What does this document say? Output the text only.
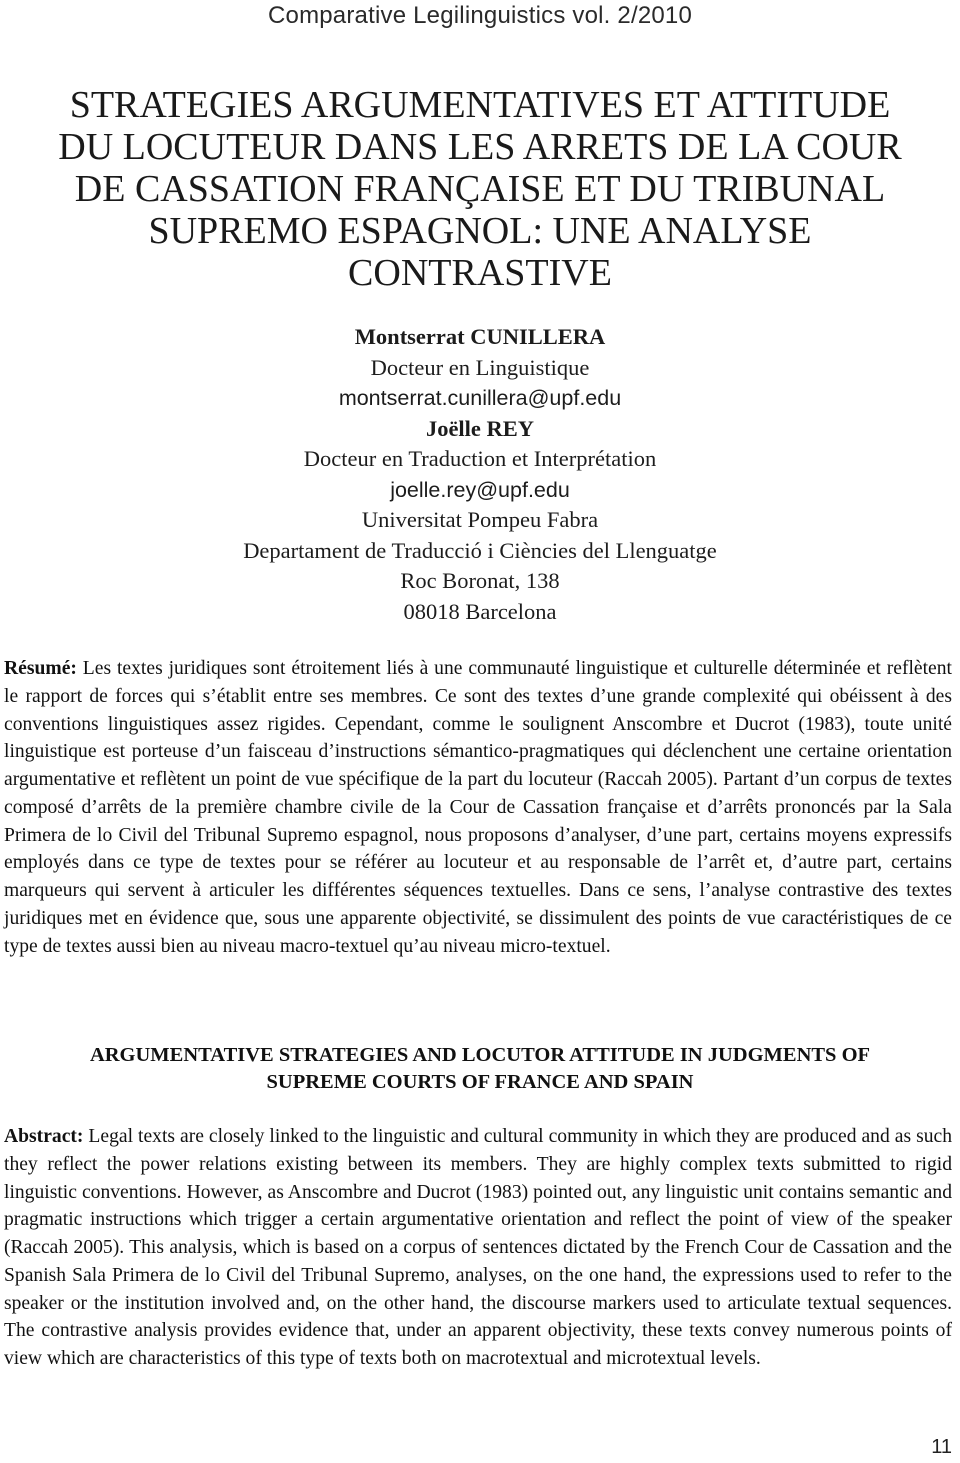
Comparative Legilinguistics vol. 2/2010
STRATEGIES ARGUMENTATIVES ET ATTITUDE
DU LOCUTEUR DANS LES ARRETS DE LA COUR
DE CASSATION FRANÇAISE ET DU TRIBUNAL
SUPREMO ESPAGNOL: UNE ANALYSE
CONTRASTIVE
Montserrat CUNILLERA
Docteur en Linguistique
montserrat.cunillera@upf.edu
Joëlle REY
Docteur en Traduction et Interprétation
joelle.rey@upf.edu
Universitat Pompeu Fabra
Departament de Traducció i Ciències del Llenguatge
Roc Boronat, 138
08018 Barcelona

Résumé: Les textes juridiques sont étroitement liés à une communauté linguistique et culturelle déterminée et reflètent le rapport de forces qui s’établit entre ses membres. Ce sont des textes d’une grande complexité qui obéissent à des conventions linguistiques assez rigides. Cependant, comme le soulignent Anscombre et Ducrot (1983), toute unité linguistique est porteuse d’un faisceau d’instructions sémantico-pragmatiques qui déclenchent une certaine orientation argumentative et reflètent un point de vue spécifique de la part du locuteur (Raccah 2005). Partant d’un corpus de textes composé d’arrêts de la première chambre civile de la Cour de Cassation française et d’arrêts prononcés par la Sala Primera de lo Civil del Tribunal Supremo espagnol, nous proposons d’analyser, d’une part, certains moyens expressifs employés dans ce type de textes pour se référer au locuteur et au responsable de l’arrêt et, d’autre part, certains marqueurs qui servent à articuler les différentes séquences textuelles. Dans ce sens, l’analyse contrastive des textes juridiques met en évidence que, sous une apparente objectivité, se dissimulent des points de vue caractéristiques de ce type de textes aussi bien au niveau macro-textuel qu’au niveau micro-textuel.

ARGUMENTATIVE STRATEGIES AND LOCUTOR ATTITUDE IN JUDGMENTS OF
SUPREME COURTS OF FRANCE AND SPAIN

Abstract: Legal texts are closely linked to the linguistic and cultural community in which they are produced and as such they reflect the power relations existing between its members. They are highly complex texts submitted to rigid linguistic conventions. However, as Anscombre and Ducrot (1983) pointed out, any linguistic unit contains semantic and pragmatic instructions which trigger a certain argumentative orientation and reflect the point of view of the speaker (Raccah 2005). This analysis, which is based on a corpus of sentences dictated by the French Cour de Cassation and the Spanish Sala Primera de lo Civil del Tribunal Supremo, analyses, on the one hand, the expressions used to refer to the speaker or the institution involved and, on the other hand, the discourse markers used to articulate textual sequences. The contrastive analysis provides evidence that, under an apparent objectivity, these texts convey numerous points of view which are characteristics of this type of texts both on macrotextual and microtextual levels.

11
